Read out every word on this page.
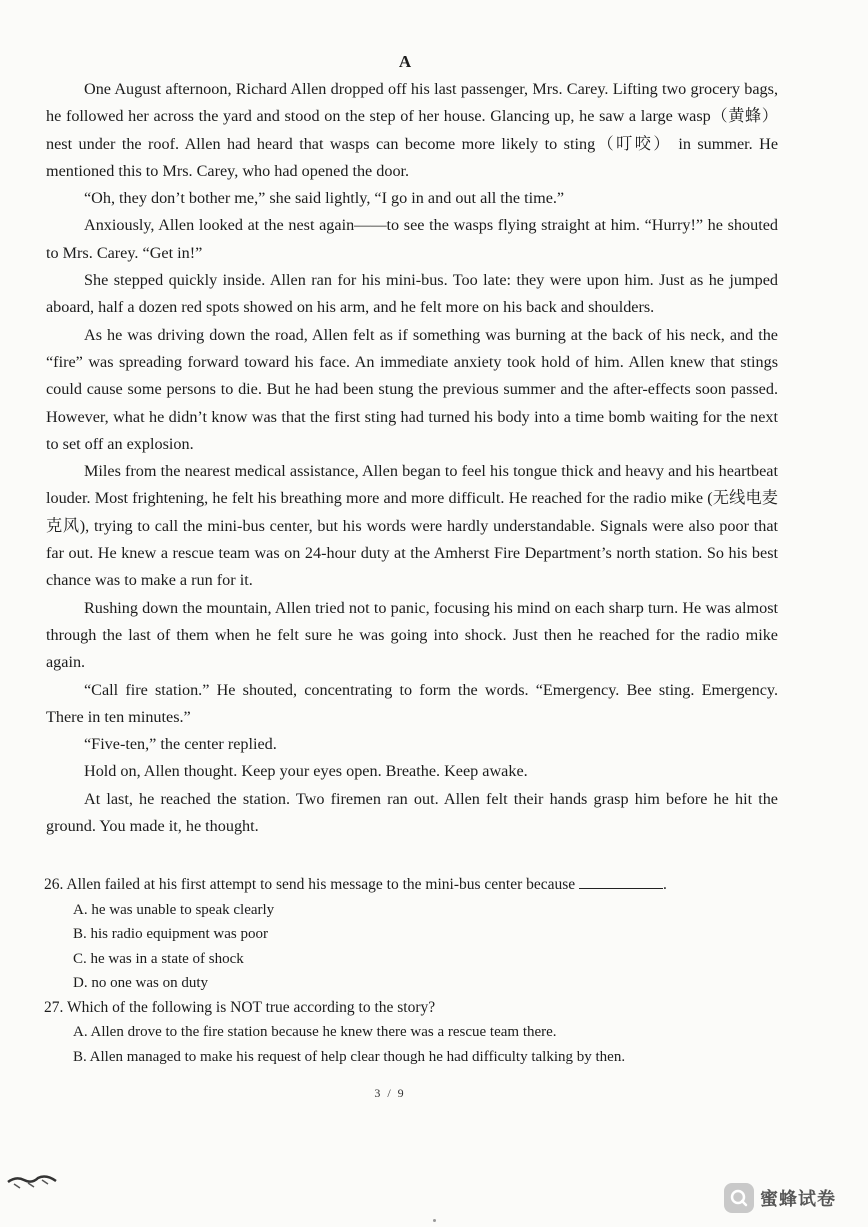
A

One August afternoon, Richard Allen dropped off his last passenger, Mrs. Carey. Lifting two grocery bags, he followed her across the yard and stood on the step of her house. Glancing up, he saw a large wasp（黄蜂）nest under the roof. Allen had heard that wasps can become more likely to sting（叮咬） in summer. He mentioned this to Mrs. Carey, who had opened the door.

“Oh, they don’t bother me,” she said lightly, “I go in and out all the time.”

Anxiously, Allen looked at the nest again——to see the wasps flying straight at him. “Hurry!” he shouted to Mrs. Carey. “Get in!”

She stepped quickly inside. Allen ran for his mini-bus. Too late: they were upon him. Just as he jumped aboard, half a dozen red spots showed on his arm, and he felt more on his back and shoulders.

As he was driving down the road, Allen felt as if something was burning at the back of his neck, and the “fire” was spreading forward toward his face. An immediate anxiety took hold of him. Allen knew that stings could cause some persons to die. But he had been stung the previous summer and the after-effects soon passed. However, what he didn’t know was that the first sting had turned his body into a time bomb waiting for the next to set off an explosion.

Miles from the nearest medical assistance, Allen began to feel his tongue thick and heavy and his heartbeat louder. Most frightening, he felt his breathing more and more difficult. He reached for the radio mike (无线电麦克风), trying to call the mini-bus center, but his words were hardly understandable. Signals were also poor that far out. He knew a rescue team was on 24-hour duty at the Amherst Fire Department’s north station. So his best chance was to make a run for it.

Rushing down the mountain, Allen tried not to panic, focusing his mind on each sharp turn. He was almost through the last of them when he felt sure he was going into shock. Just then he reached for the radio mike again.

“Call fire station.” He shouted, concentrating to form the words. “Emergency. Bee sting. Emergency. There in ten minutes.”

“Five-ten,” the center replied.

Hold on, Allen thought. Keep your eyes open. Breathe. Keep awake.

At last, he reached the station. Two firemen ran out. Allen felt their hands grasp him before he hit the ground. You made it, he thought.

26. Allen failed at his first attempt to send his message to the mini-bus center because	.

A. he was unable to speak clearly

B. his radio equipment was poor

C. he was in a state of shock

D. no one was on duty

27. Which of the following is NOT true according to the story?

A. Allen drove to the fire station because he knew there was a rescue team there.

B. Allen managed to make his request of help clear though he had difficulty talking by then.

3 / 9
蜜蜂试卷
